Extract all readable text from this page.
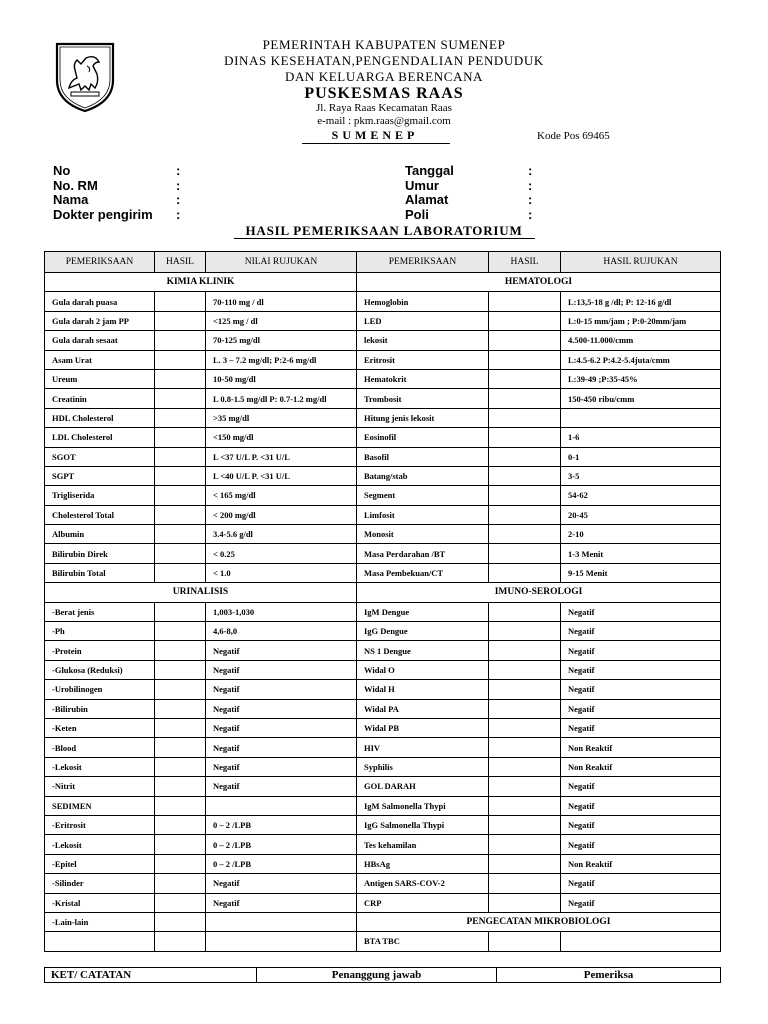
PEMERINTAH KABUPATEN SUMENEP
DINAS KESEHATAN,PENGENDALIAN PENDUDUK
DAN KELUARGA BERENCANA
PUSKESMAS RAAS
Jl. Raya Raas Kecamatan Raas
e-mail : pkm.raas@gmail.com
SUMENEP	Kode Pos 69465
No	:
No. RM	:
Nama	:
Dokter pengirim :
Tanggal	:
Umur	:
Alamat	:
Poli	:
HASIL PEMERIKSAAN LABORATORIUM
PEMERIKSAAN	HASIL	NILAI RUJUKAN	PEMERIKSAAN	HASIL	HASIL RUJUKAN
KIMIA KLINIK			HEMATOLOGI		
Gula darah puasa		70-110 mg / dl	Hemoglobin		L:13,5-18 g /dl; P: 12-16 g/dl
Gula darah 2 jam PP		<125 mg / dl	LED		L:0-15 mm/jam ; P:0-20mm/jam
Gula darah sesaat		70-125 mg/dl	lekosit		4.500-11.000/cmm
Asam Urat		L. 3 – 7.2 mg/dl; P:2-6 mg/dl	Eritrosit		L:4.5-6.2 P:4.2-5.4juta/cmm
Ureum		10-50 mg/dl	Hematokrit		L:39-49 ;P:35-45%
Creatinin		L 0.8-1.5 mg/dl P: 0.7-1.2 mg/dl	Trombosit		150-450 ribu/cmm
HDL Cholesterol		>35 mg/dl	Hitung jenis lekosit		
LDL Cholesterol		<150 mg/dl	Eosinofil		1-6
SGOT		L <37 U/L P. <31 U/L	Basofil		0-1
SGPT		L <40 U/L P. <31 U/L	Batang/stab		3-5
Trigliserida		< 165 mg/dl	Segment		54-62
Cholesterol Total		< 200 mg/dl	Limfosit		20-45
Albumin		3.4-5.6 g/dl	Monosit		2-10
Bilirubin Direk		< 0.25	Masa Perdarahan /BT		1-3 Menit
Bilirubin Total		< 1.0	Masa Pembekuan/CT		9-15 Menit
URINALISIS			IMUNO-SEROLOGI		
-Berat jenis		1,003-1,030	IgM Dengue		Negatif
-Ph		4,6-8,0	IgG Dengue		Negatif
-Protein		Negatif	NS 1 Dengue		Negatif
-Glukosa (Reduksi)		Negatif	Widal O		Negatif
-Urobilinogen		Negatif	Widal H		Negatif
-Bilirubin		Negatif	Widal PA		Negatif
-Keten		Negatif	Widal PB		Negatif
-Blood		Negatif	HIV		Non Reaktif
-Lekosit		Negatif	Syphilis		Non Reaktif
-Nitrit		Negatif	GOL DARAH		Negatif
SEDIMEN			IgM Salmonella Thypi		Negatif
-Eritrosit		0 – 2 /LPB	IgG Salmonella Thypi		Negatif
-Lekosit		0 – 2 /LPB	Tes kehamilan		Negatif
-Epitel		0 – 2 /LPB	HBsAg		Non Reaktif
-Silinder		Negatif	Antigen SARS-COV-2		Negatif
-Kristal		Negatif	CRP		Negatif
-Lain-lain			PENGECATAN MIKROBIOLOGI		
			BTA TBC		
KET/ CATATAN	Penanggung jawab	Pemeriksa
